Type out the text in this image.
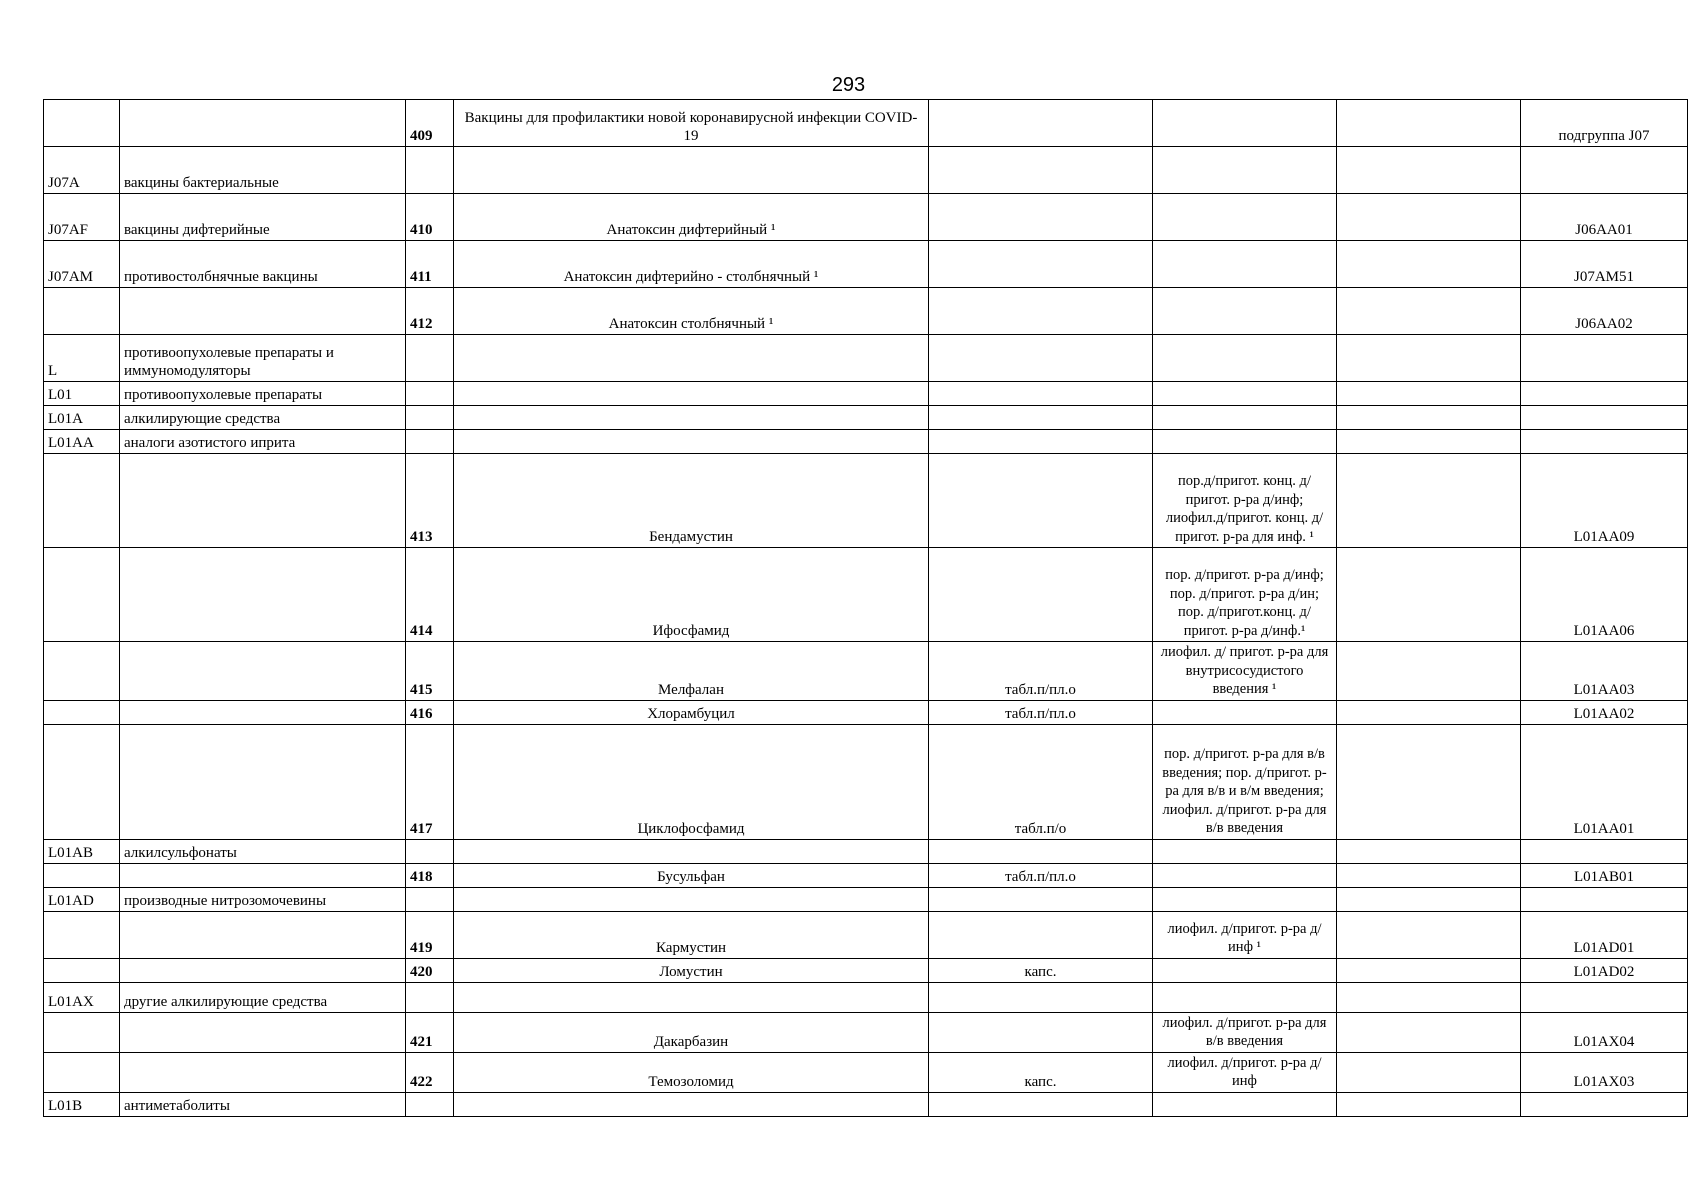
293
		409	Вакцины для профилактики новой коронавирусной инфекции COVID-19				подгруппа J07
J07A	вакцины бактериальные						
J07AF	вакцины дифтерийные	410	Анатоксин дифтерийный ¹				J06AA01
J07AM	противостолбнячные вакцины	411	Анатоксин дифтерийно - столбнячный ¹				J07AM51
		412	Анатоксин столбнячный ¹				J06AA02
L	противоопухолевые препараты и иммуномодуляторы						
L01	противоопухолевые препараты						
L01A	алкилирующие средства						
L01AA	аналоги азотистого иприта						
		413	Бендамустин		пор.д/пригот. конц. д/пригот. р-ра д/инф; лиофил.д/пригот. конц. д/пригот. р-ра для инф. ¹		L01AA09
		414	Ифосфамид		пор. д/пригот. р-ра д/инф; пор. д/пригот. р-ра д/ин; пор. д/пригот.конц. д/пригот. р-ра д/инф.¹		L01AA06
		415	Мелфалан	табл.п/пл.о	лиофил. д/ пригот. р-ра для внутрисосудистого введения ¹		L01AA03
		416	Хлорамбуцил	табл.п/пл.о			L01AA02
		417	Циклофосфамид	табл.п/о	пор. д/пригот. р-ра для в/в введения; пор. д/пригот. р-ра для в/в и в/м введения; лиофил. д/пригот. р-ра для в/в введения		L01AA01
L01AB	алкилсульфонаты						
		418	Бусульфан	табл.п/пл.о			L01AB01
L01AD	производные нитрозомочевины						
		419	Кармустин		лиофил. д/пригот. р-ра д/инф ¹		L01AD01
		420	Ломустин	капс.			L01AD02
L01AX	другие алкилирующие средства						
		421	Дакарбазин		лиофил. д/пригот. р-ра для в/в введения		L01AX04
		422	Темозоломид	капс.	лиофил. д/пригот. р-ра д/инф		L01AX03
L01B	антиметаболиты						
